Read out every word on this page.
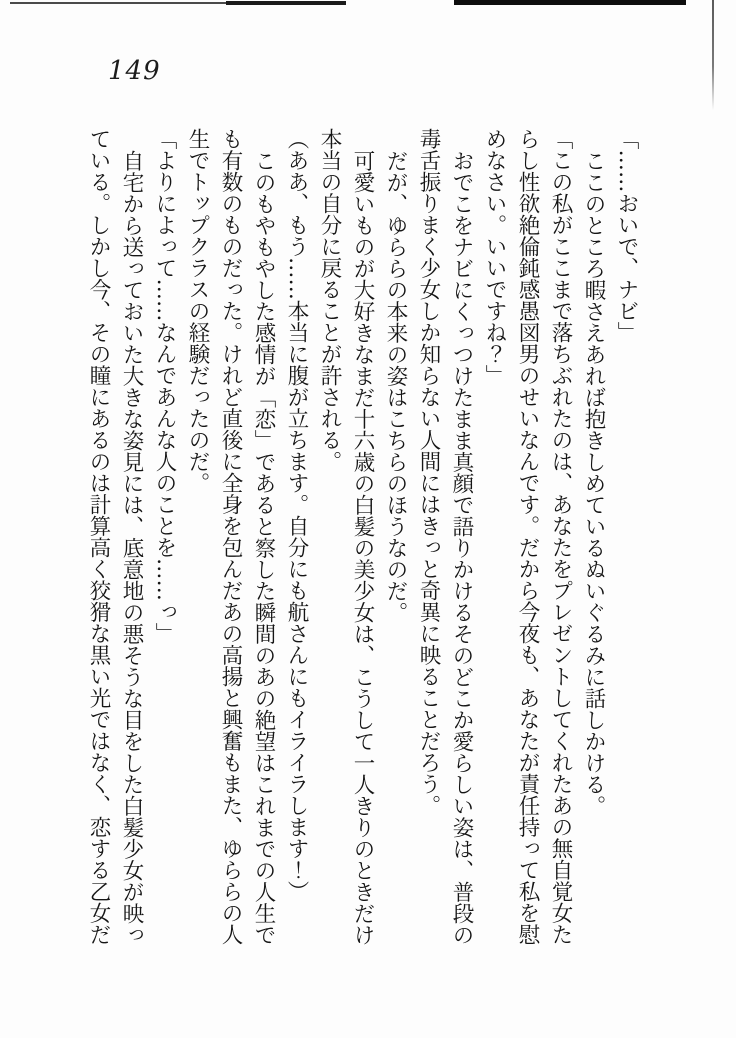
149

「……おいで、ナビ」

ここのところ暇さえあれば抱きしめているぬいぐるみに話しかける。

「この私がここまで落ちぶれたのは、あなたをプレゼントしてくれたあの無自覚女たらし性欲絶倫鈍感愚図男のせいなんです。だから今夜も、あなたが責任持って私を慰めなさい。いいですね？」

おでこをナビにくっつけたまま真顔で語りかけるそのどこか愛らしい姿は、普段の毒舌振りまく少女しか知らない人間にはきっと奇異に映ることだろう。

だが、ゆららの本来の姿はこちらのほうなのだ。

可愛いものが大好きなまだ十六歳の白髪の美少女は、こうして一人きりのときだけ本当の自分に戻ることが許される。

（ああ、もう……本当に腹が立ちます。自分にも航さんにもイライラします！）

このもやもやした感情が「恋」であると察した瞬間のあの絶望はこれまでの人生でも有数のものだった。けれど直後に全身を包んだあの高揚と興奮もまた、ゆららの人生でトップクラスの経験だったのだ。

「よりによって……なんであんな人のことを……っ」

自宅から送っておいた大きな姿見には、底意地の悪そうな目をした白髪少女が映っている。しかし今、その瞳にあるのは計算高く狡猾な黒い光ではなく、恋する乙女だ
